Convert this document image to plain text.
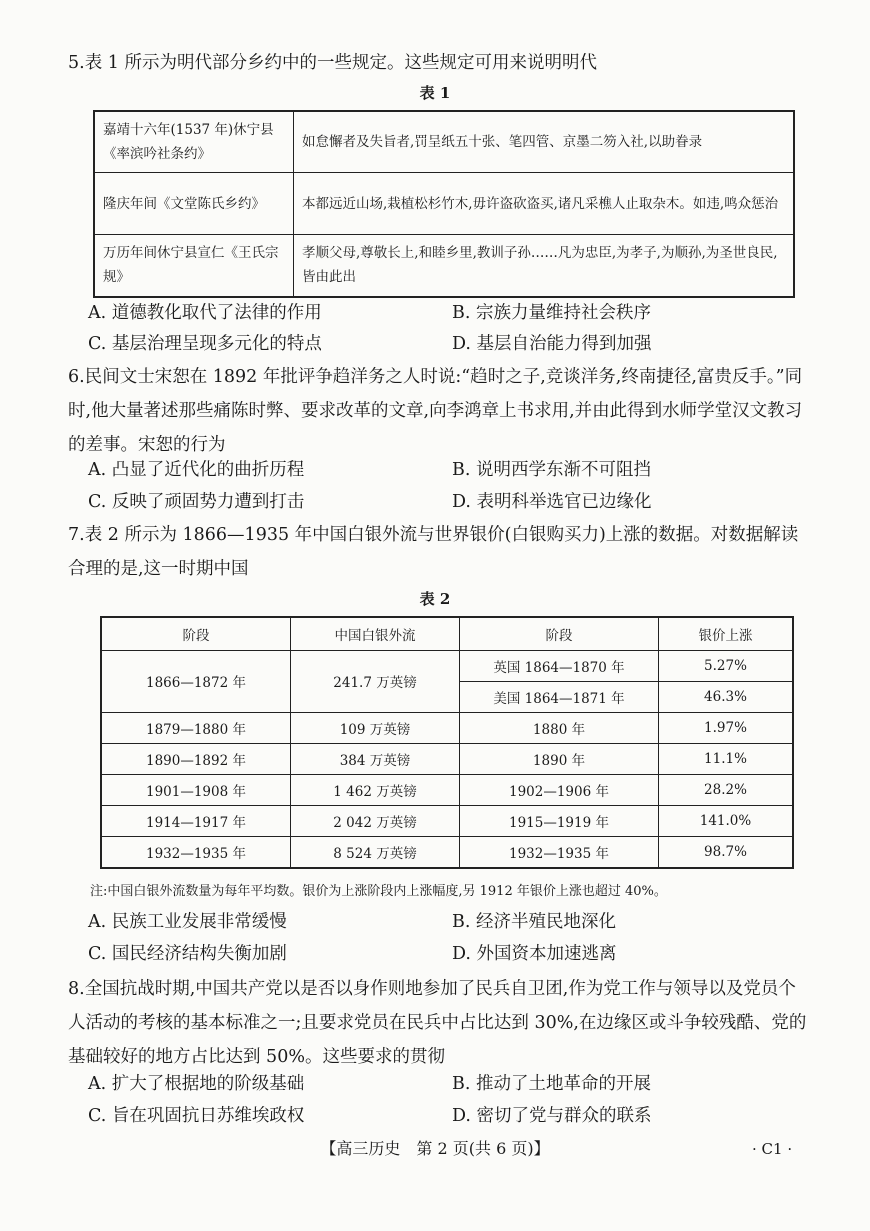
5.表 1 所示为明代部分乡约中的一些规定。这些规定可用来说明明代
表 1
嘉靖十六年(1537 年)休宁县《率滨吟社条约》	如怠懈者及失旨者,罚呈纸五十张、笔四管、京墨二笏入社,以助眷录
隆庆年间《文堂陈氏乡约》	本都远近山场,栽植松杉竹木,毋许盗砍盗买,诸凡采樵人止取杂木。如违,鸣众惩治
万历年间休宁县宣仁《王氏宗规》	孝顺父母,尊敬长上,和睦乡里,教训子孙……凡为忠臣,为孝子,为顺孙,为圣世良民,皆由此出
A. 道德教化取代了法律的作用	B. 宗族力量维持社会秩序
C. 基层治理呈现多元化的特点	D. 基层自治能力得到加强
6.民间文士宋恕在 1892 年批评争趋洋务之人时说:“趋时之子,竞谈洋务,终南捷径,富贵反手。”同时,他大量著述那些痛陈时弊、要求改革的文章,向李鸿章上书求用,并由此得到水师学堂汉文教习的差事。宋恕的行为
A. 凸显了近代化的曲折历程	B. 说明西学东渐不可阻挡
C. 反映了顽固势力遭到打击	D. 表明科举选官已边缘化
7.表 2 所示为 1866—1935 年中国白银外流与世界银价(白银购买力)上涨的数据。对数据解读合理的是,这一时期中国
表 2
阶段	中国白银外流	阶段	银价上涨
1866—1872 年	241.7 万英镑	英国 1864—1870 年	5.27%
		美国 1864—1871 年	46.3%
1879—1880 年	109 万英镑	1880 年	1.97%
1890—1892 年	384 万英镑	1890 年	11.1%
1901—1908 年	1 462 万英镑	1902—1906 年	28.2%
1914—1917 年	2 042 万英镑	1915—1919 年	141.0%
1932—1935 年	8 524 万英镑	1932—1935 年	98.7%
注:中国白银外流数量为每年平均数。银价为上涨阶段内上涨幅度,另 1912 年银价上涨也超过 40%。
A. 民族工业发展非常缓慢	B. 经济半殖民地深化
C. 国民经济结构失衡加剧	D. 外国资本加速逃离
8.全国抗战时期,中国共产党以是否以身作则地参加了民兵自卫团,作为党工作与领导以及党员个人活动的考核的基本标准之一;且要求党员在民兵中占比达到 30%,在边缘区或斗争较残酷、党的基础较好的地方占比达到 50%。这些要求的贯彻
A. 扩大了根据地的阶级基础	B. 推动了土地革命的开展
C. 旨在巩固抗日苏维埃政权	D. 密切了党与群众的联系
【高三历史　第 2 页(共 6 页)】	· C1 ·
